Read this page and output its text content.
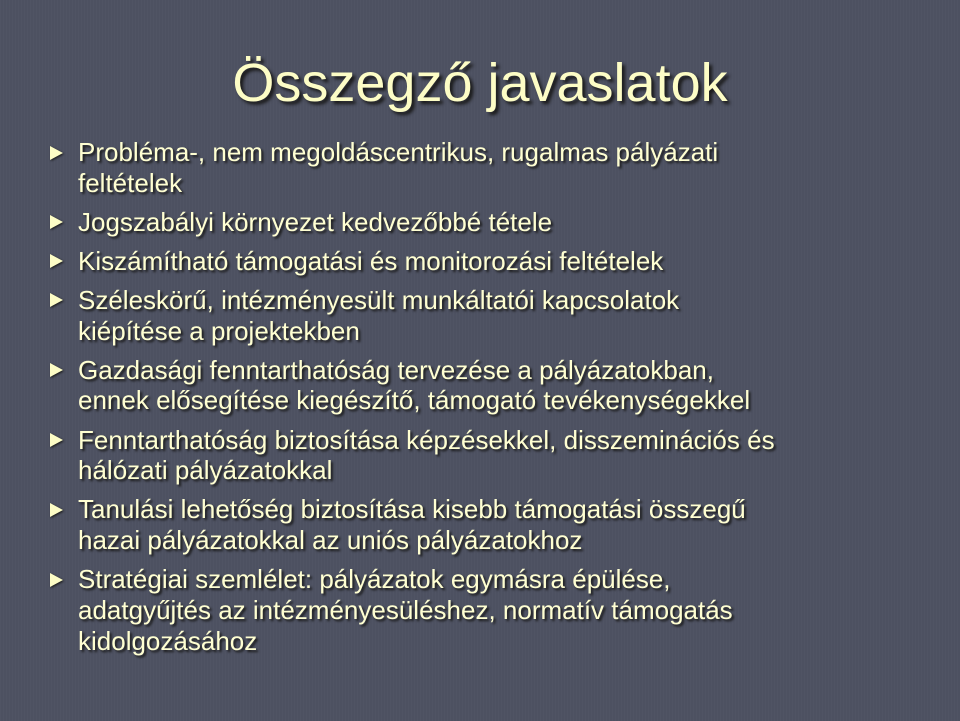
Összegző javaslatok
Probléma-, nem megoldáscentrikus, rugalmas pályázati
feltételek
Jogszabályi környezet kedvezőbbé tétele
Kiszámítható támogatási és monitorozási feltételek
Széleskörű, intézményesült munkáltatói kapcsolatok
kiépítése a projektekben
Gazdasági fenntarthatóság tervezése a pályázatokban,
ennek elősegítése kiegészítő, támogató tevékenységekkel
Fenntarthatóság biztosítása képzésekkel, disszeminációs és
hálózati pályázatokkal
Tanulási lehetőség biztosítása kisebb támogatási összegű
hazai pályázatokkal az uniós pályázatokhoz
Stratégiai szemlélet: pályázatok egymásra épülése,
adatgyűjtés az intézményesüléshez, normatív támogatás
kidolgozásához
